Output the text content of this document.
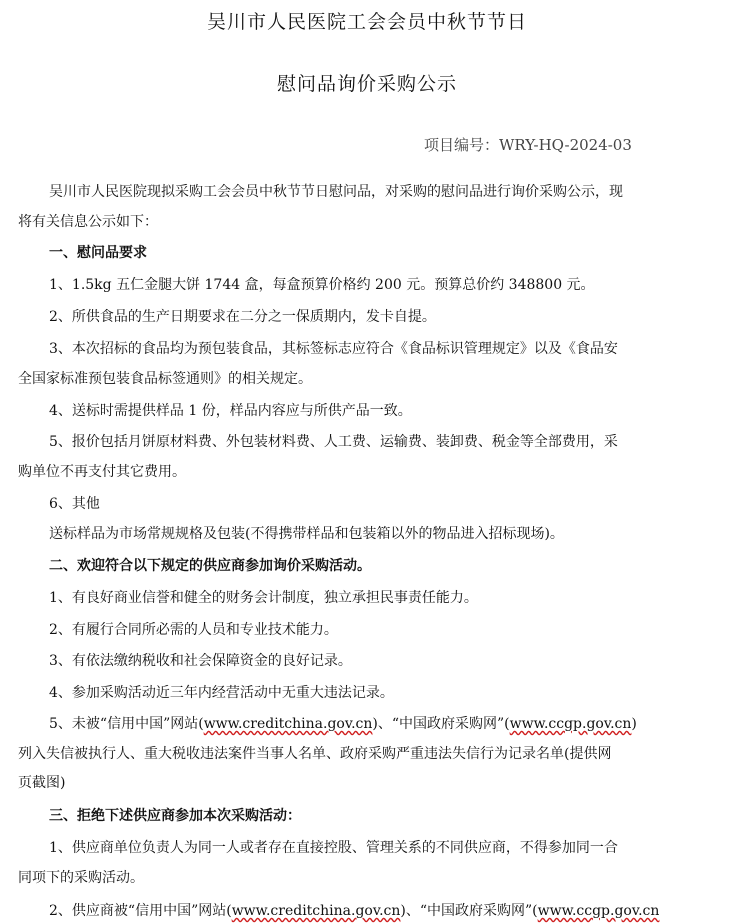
吴川市人民医院工会会员中秋节节日
慰问品询价采购公示
项目编号：WRY-HQ-2024-03
吴川市人民医院现拟采购工会会员中秋节节日慰问品，对采购的慰问品进行询价采购公示，现
将有关信息公示如下：
一、慰问品要求
1、1.5kg 五仁金腿大饼 1744 盒，每盒预算价格约 200 元。预算总价约 348800 元。
2、所供食品的生产日期要求在二分之一保质期内，发卡自提。
3、本次招标的食品均为预包装食品，其标签标志应符合《食品标识管理规定》以及《食品安
全国家标准预包装食品标签通则》的相关规定。
4、送标时需提供样品 1 份，样品内容应与所供产品一致。
5、报价包括月饼原材料费、外包装材料费、人工费、运输费、装卸费、税金等全部费用，采
购单位不再支付其它费用。
6、其他
送标样品为市场常规规格及包装(不得携带样品和包装箱以外的物品进入招标现场)。
二、欢迎符合以下规定的供应商参加询价采购活动。
1、有良好商业信誉和健全的财务会计制度，独立承担民事责任能力。
2、有履行合同所必需的人员和专业技术能力。
3、有依法缴纳税收和社会保障资金的良好记录。
4、参加采购活动近三年内经营活动中无重大违法记录。
5、未被“信用中国”网站(www.creditchina.gov.cn)、“中国政府采购网”(www.ccgp.gov.cn)
列入失信被执行人、重大税收违法案件当事人名单、政府采购严重违法失信行为记录名单(提供网
页截图)
三、拒绝下述供应商参加本次采购活动：
1、供应商单位负责人为同一人或者存在直接控股、管理关系的不同供应商，不得参加同一合
同项下的采购活动。
2、供应商被“信用中国”网站(www.creditchina.gov.cn)、“中国政府采购网”(www.ccgp.gov.cn
